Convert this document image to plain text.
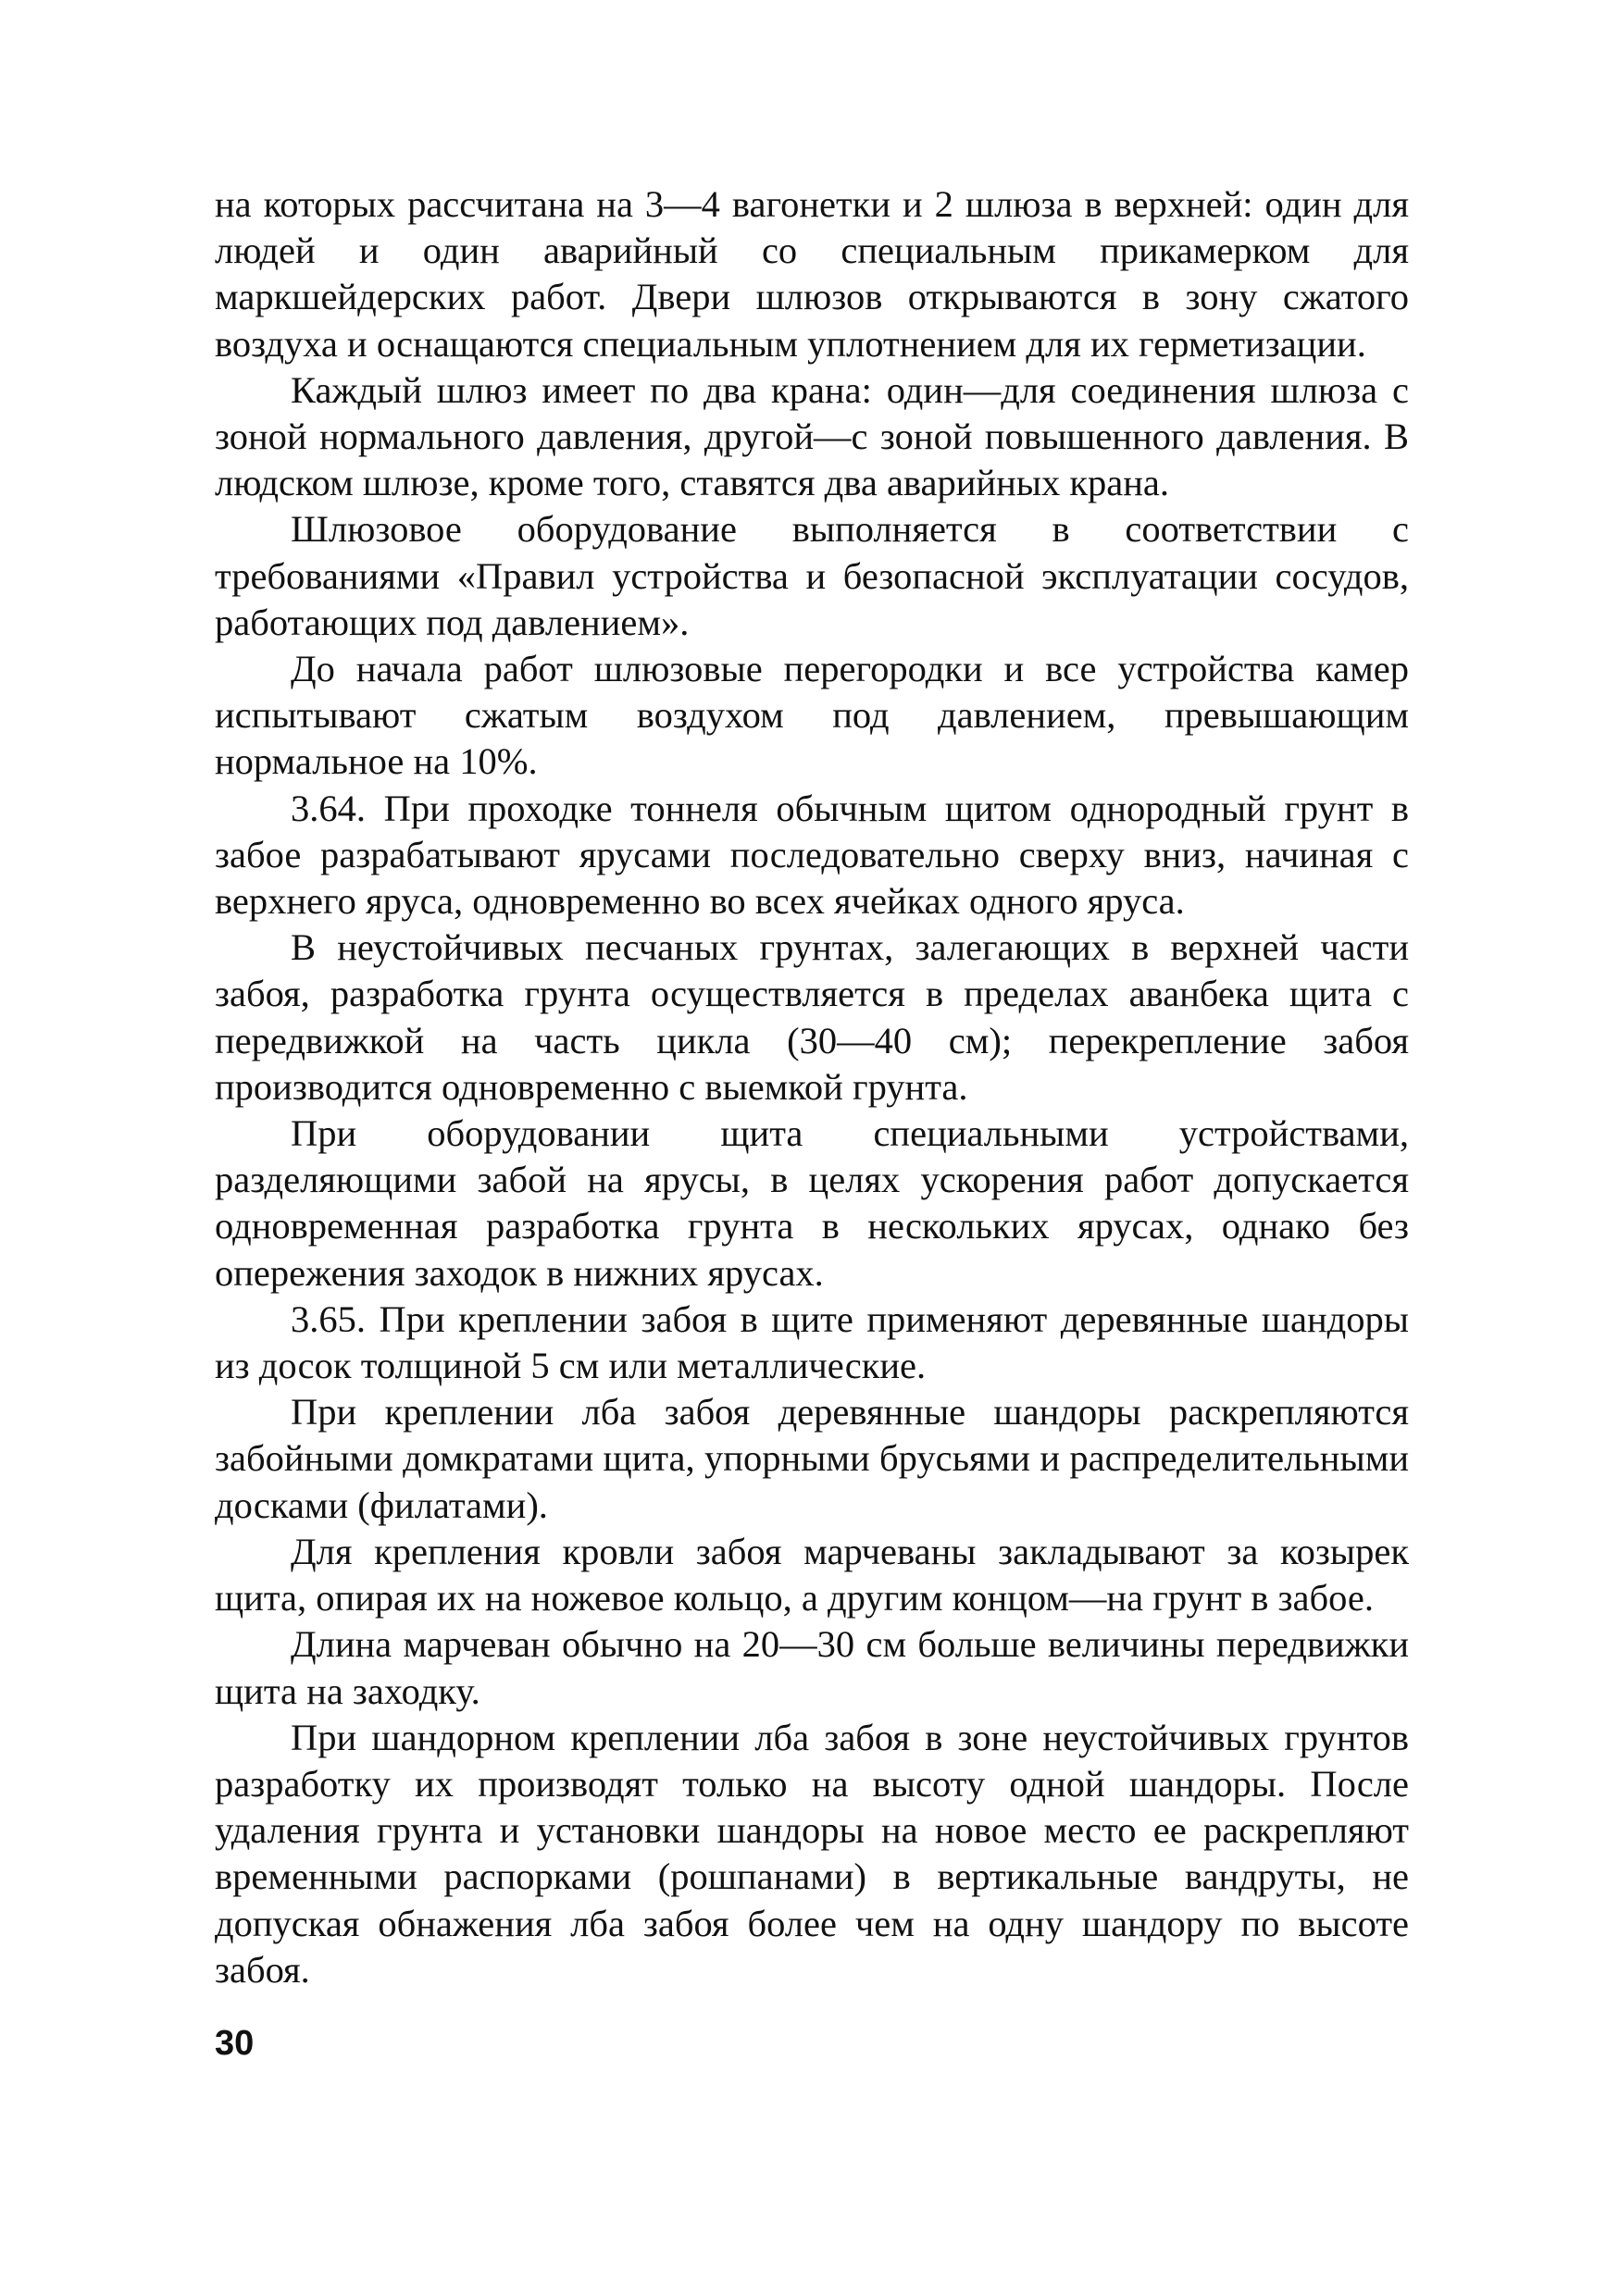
на которых рассчитана на 3—4 вагонетки и 2 шлюза в верхней: один для людей и один аварийный со специальным прикамерком для маркшейдерских работ. Двери шлюзов открываются в зону сжатого воздуха и оснащаются специальным уплотнением для их герметизации.

Каждый шлюз имеет по два крана: один—для соединения шлюза с зоной нормального давления, другой—с зоной повышенного давления. В людском шлюзе, кроме того, ставятся два аварийных крана.

Шлюзовое оборудование выполняется в соответствии с требованиями «Правил устройства и безопасной эксплуатации сосудов, работающих под давлением».

До начала работ шлюзовые перегородки и все устройства камер испытывают сжатым воздухом под давлением, превышающим нормальное на 10%.

3.64. При проходке тоннеля обычным щитом однородный грунт в забое разрабатывают ярусами последовательно сверху вниз, начиная с верхнего яруса, одновременно во всех ячейках одного яруса.

В неустойчивых песчаных грунтах, залегающих в верхней части забоя, разработка грунта осуществляется в пределах аванбека щита с передвижкой на часть цикла (30—40 см); перекрепление забоя производится одновременно с выемкой грунта.

При оборудовании щита специальными устройствами, разделяющими забой на ярусы, в целях ускорения работ допускается одновременная разработка грунта в нескольких ярусах, однако без опережения заходок в нижних ярусах.

3.65. При креплении забоя в щите применяют деревянные шандоры из досок толщиной 5 см или металлические.

При креплении лба забоя деревянные шандоры раскрепляются забойными домкратами щита, упорными брусьями и распределительными досками (филатами).

Для крепления кровли забоя марчеваны закладывают за козырек щита, опирая их на ножевое кольцо, а другим концом—на грунт в забое.

Длина марчеван обычно на 20—30 см больше величины передвижки щита на заходку.

При шандорном креплении лба забоя в зоне неустойчивых грунтов разработку их производят только на высоту одной шандоры. После удаления грунта и установки шандоры на новое место ее раскрепляют временными распорками (рошпанами) в вертикальные вандруты, не допуская обнажения лба забоя более чем на одну шандору по высоте забоя.

30
